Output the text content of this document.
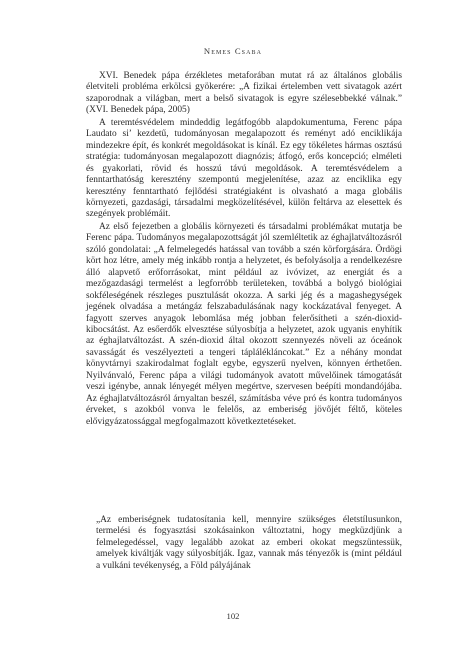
Nemes Csaba

XVI. Benedek pápa érzékletes metaforában mutat rá az általános globális életviteli probléma erkölcsi gyökerére: „A fizikai értelemben vett sivatagok azért szaporodnak a világban, mert a belső sivatagok is egyre szélesebbekké válnak.” (XVI. Benedek pápa, 2005)

A teremtésvédelem mindeddig legátfogóbb alapdokumentuma, Ferenc pápa Laudato si’ kezdetű, tudományosan megalapozott és reményt adó enciklikája mindezekre épít, és konkrét megoldásokat is kínál. Ez egy tökéletes hármas osztású stratégia: tudományosan megalapozott diagnózis; átfogó, erős koncepció; elméleti és gyakorlati, rövid és hosszú távú megoldások. A teremtésvédelem a fenntarthatóság keresztény szempontú megjelenítése, azaz az enciklika egy keresztény fenntartható fejlődési stratégiaként is olvasható a maga globális környezeti, gazdasági, társadalmi megközelítésével, külön feltárva az elesettek és szegények problémáit.

Az első fejezetben a globális környezeti és társadalmi problémákat mutatja be Ferenc pápa. Tudományos megalapozottságát jól szemléltetik az éghajlatváltozásról szóló gondolatai: „A felmelegedés hatással van tovább a szén körforgására. Ördögi kört hoz létre, amely még inkább rontja a helyzetet, és befolyásolja a rendelkezésre álló alapvető erőforrásokat, mint például az ivóvizet, az energiát és a mezőgazdasági termelést a legforróbb területeken, továbbá a bolygó biológiai sokféleségének részleges pusztulását okozza. A sarki jég és a magashegységek jegének olvadása a metángáz felszabadulásának nagy kockázatával fenyeget. A fagyott szerves anyagok lebomlása még jobban felerősítheti a szén-dioxid-kibocsátást. Az esőerdők elvesztése súlyosbítja a helyzetet, azok ugyanis enyhítik az éghajlatváltozást. A szén-dioxid által okozott szennyezés növeli az óceánok savasságát és veszélyezteti a tengeri táplálékláncokat.” Ez a néhány mondat könyvtárnyi szakirodalmat foglalt egybe, egyszerű nyelven, könnyen érthetően. Nyilvánvaló, Ferenc pápa a világi tudományok avatott művelőinek támogatását veszi igénybe, annak lényegét mélyen megértve, szervesen beépíti mondandójába. Az éghajlatváltozásról árnyaltan beszél, számításba véve pró és kontra tudományos érveket, s azokból vonva le felelős, az emberiség jövőjét féltő, köteles elővigyázatossággal megfogalmazott következtetéseket.

„Az emberiségnek tudatosítania kell, mennyire szükséges életstílusunkon, termelési és fogyasztási szokásainkon változtatni, hogy megküzdjünk a felmelegedéssel, vagy legalább azokat az emberi okokat megszüntessük, amelyek kiváltják vagy súlyosbítják. Igaz, vannak más tényezők is (mint például a vulkáni tevékenység, a Föld pályájának

102
